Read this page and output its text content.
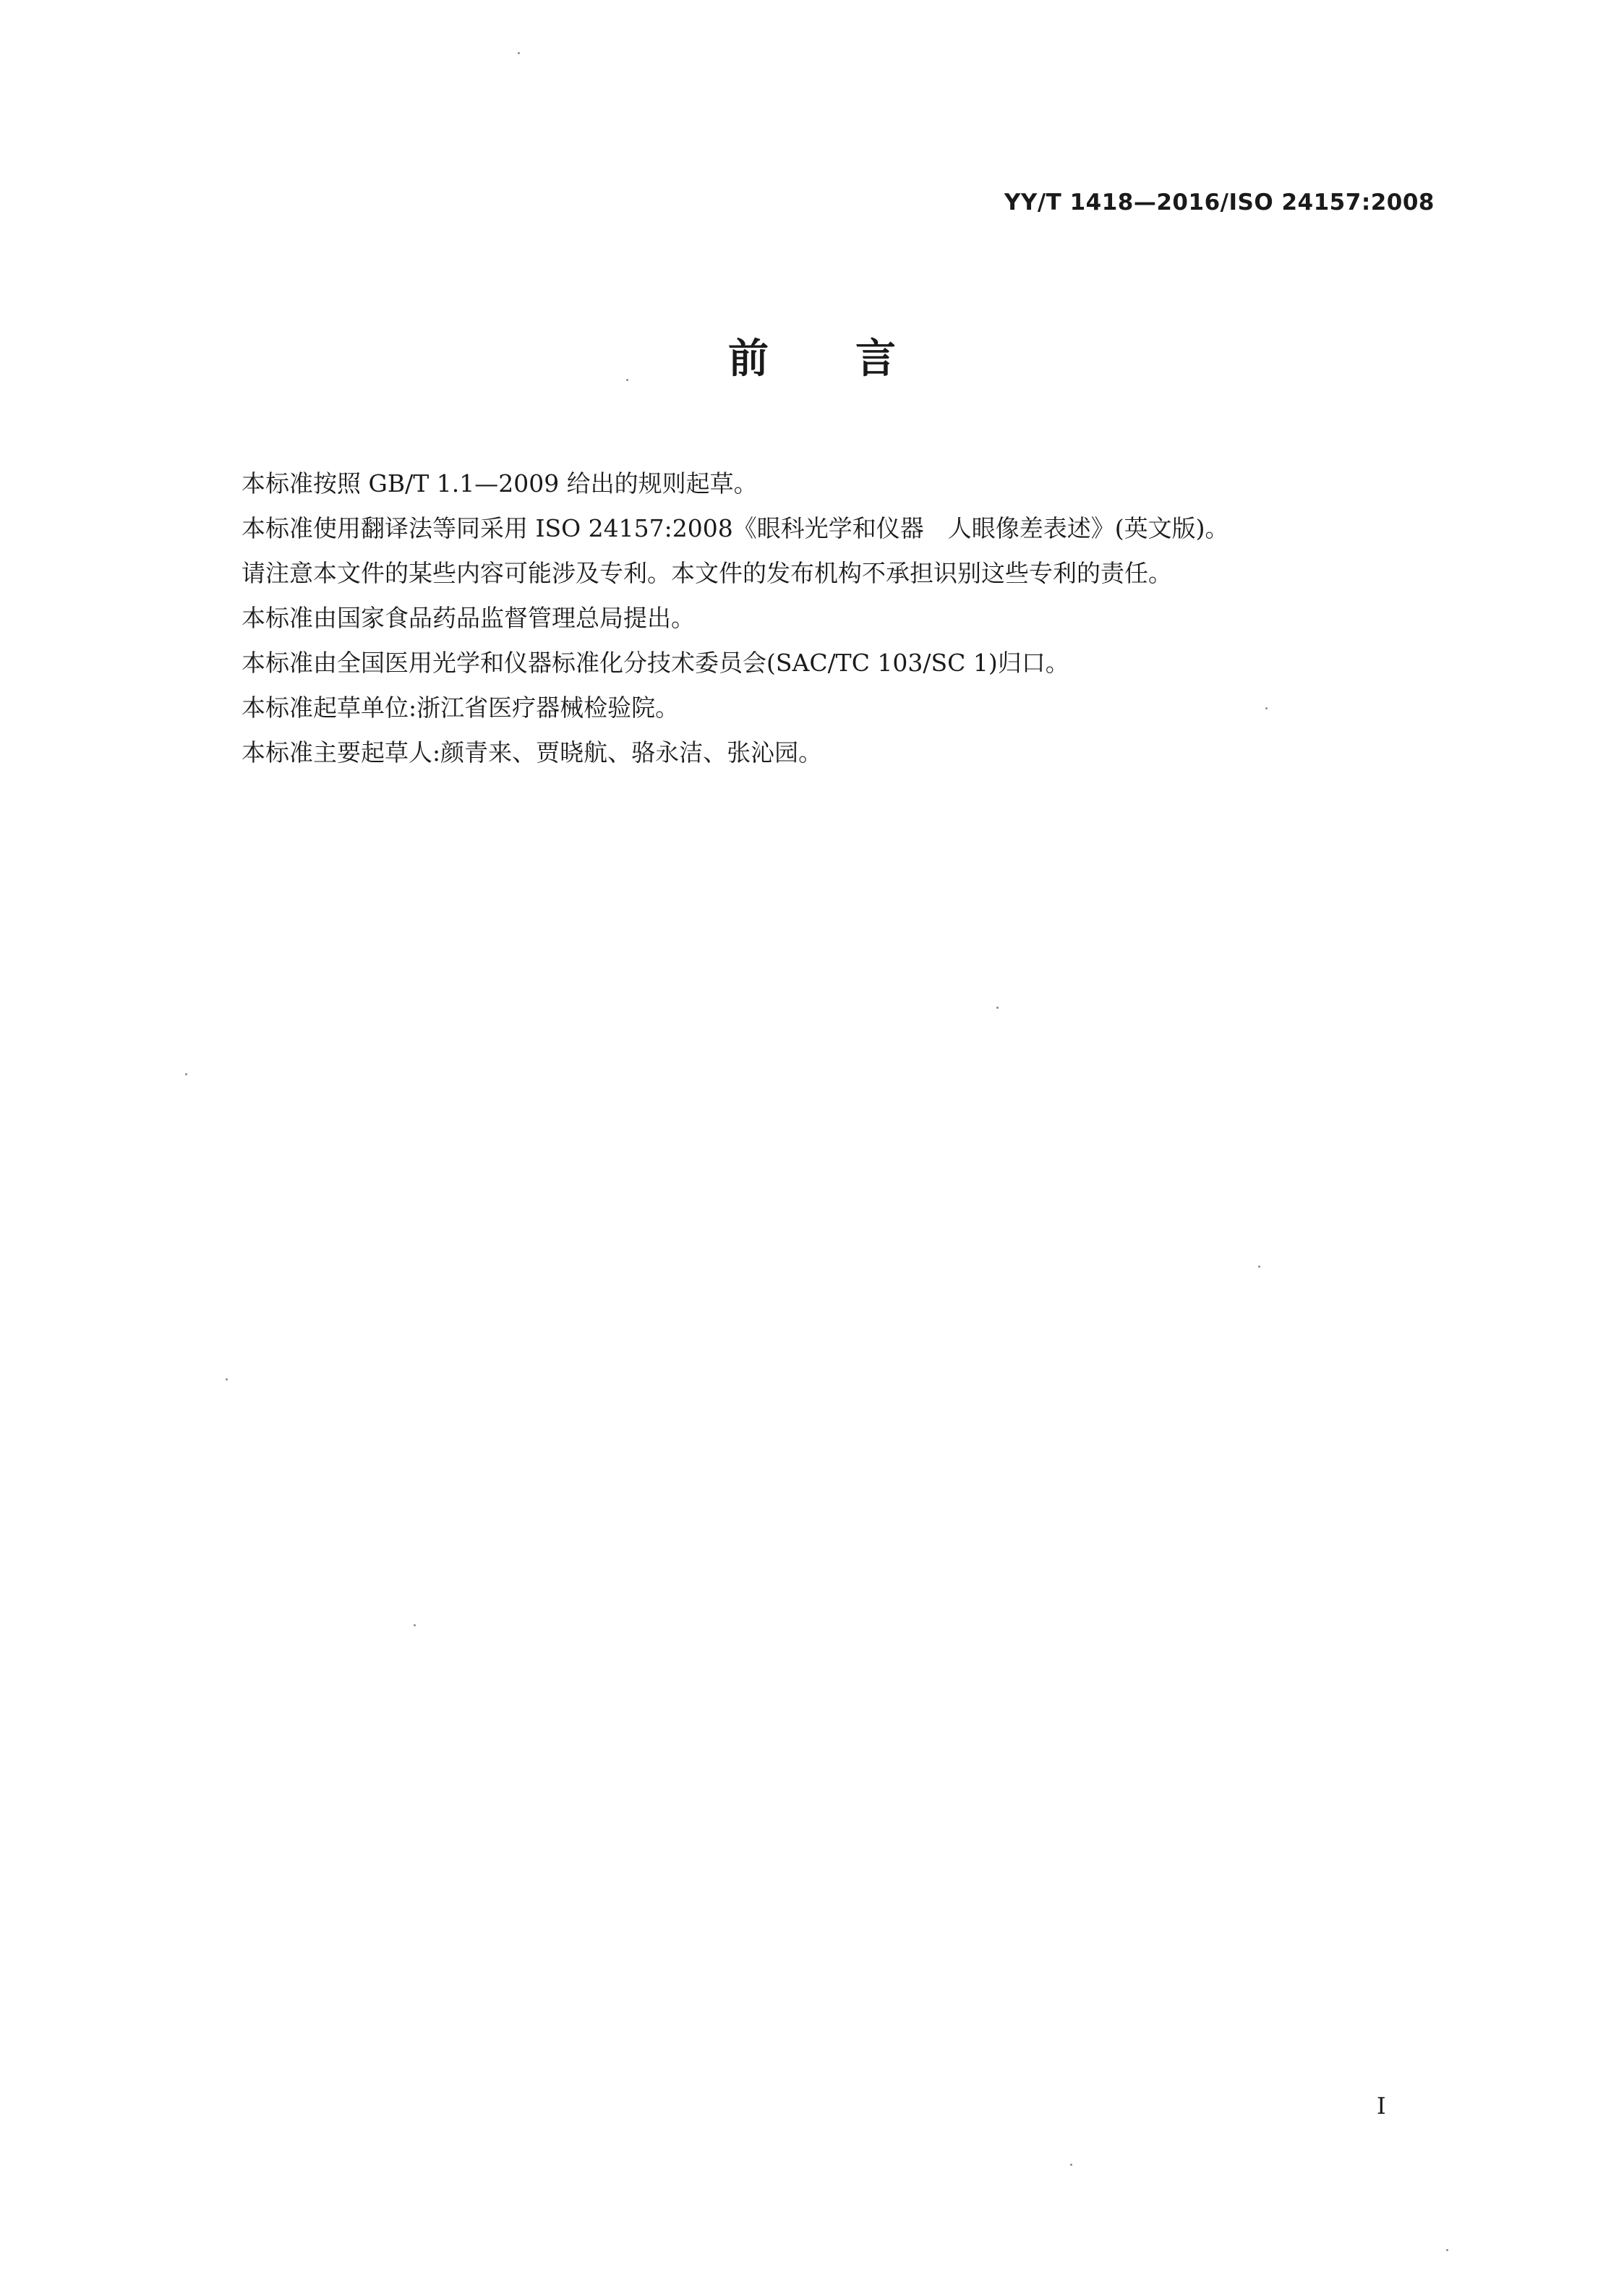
YY/T 1418—2016/ISO 24157:2008
前言

本标准按照 GB/T 1.1—2009 给出的规则起草。

本标准使用翻译法等同采用 ISO 24157:2008《眼科光学和仪器　人眼像差表述》(英文版)。

请注意本文件的某些内容可能涉及专利。本文件的发布机构不承担识别这些专利的责任。

本标准由国家食品药品监督管理总局提出。

本标准由全国医用光学和仪器标准化分技术委员会(SAC/TC 103/SC 1)归口。

本标准起草单位:浙江省医疗器械检验院。

本标准主要起草人:颜青来、贾晓航、骆永洁、张沁园。

I
